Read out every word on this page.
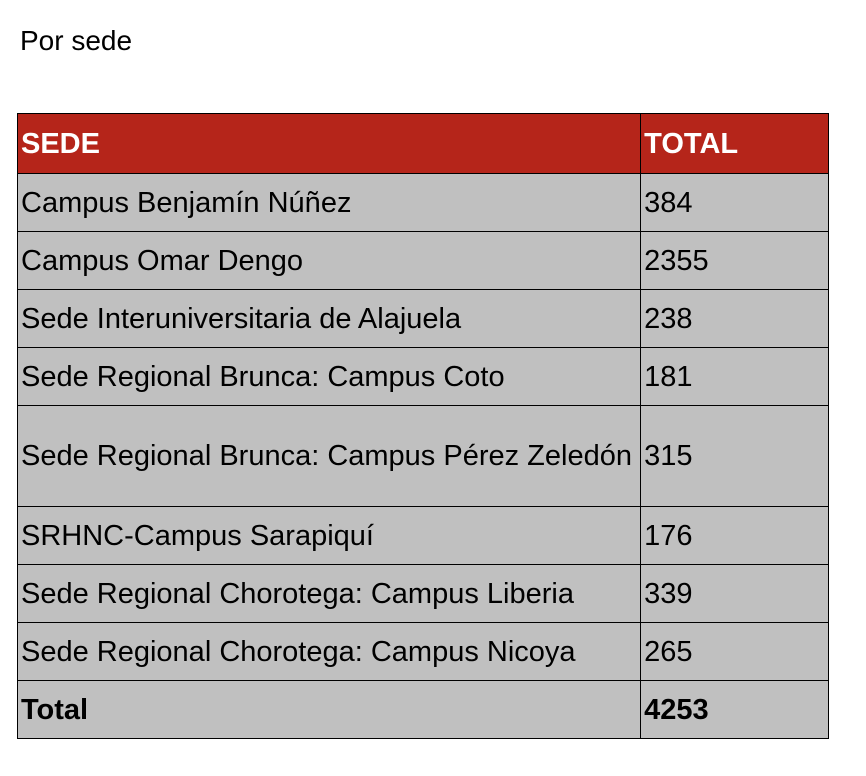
Por sede
SEDE	TOTAL
Campus Benjamín Núñez	384
Campus Omar Dengo	2355
Sede Interuniversitaria de Alajuela	238
Sede Regional Brunca: Campus Coto	181
Sede Regional Brunca: Campus Pérez Zeledón	315
SRHNC-Campus Sarapiquí	176
Sede Regional Chorotega: Campus Liberia	339
Sede Regional Chorotega: Campus Nicoya	265
Total	4253
